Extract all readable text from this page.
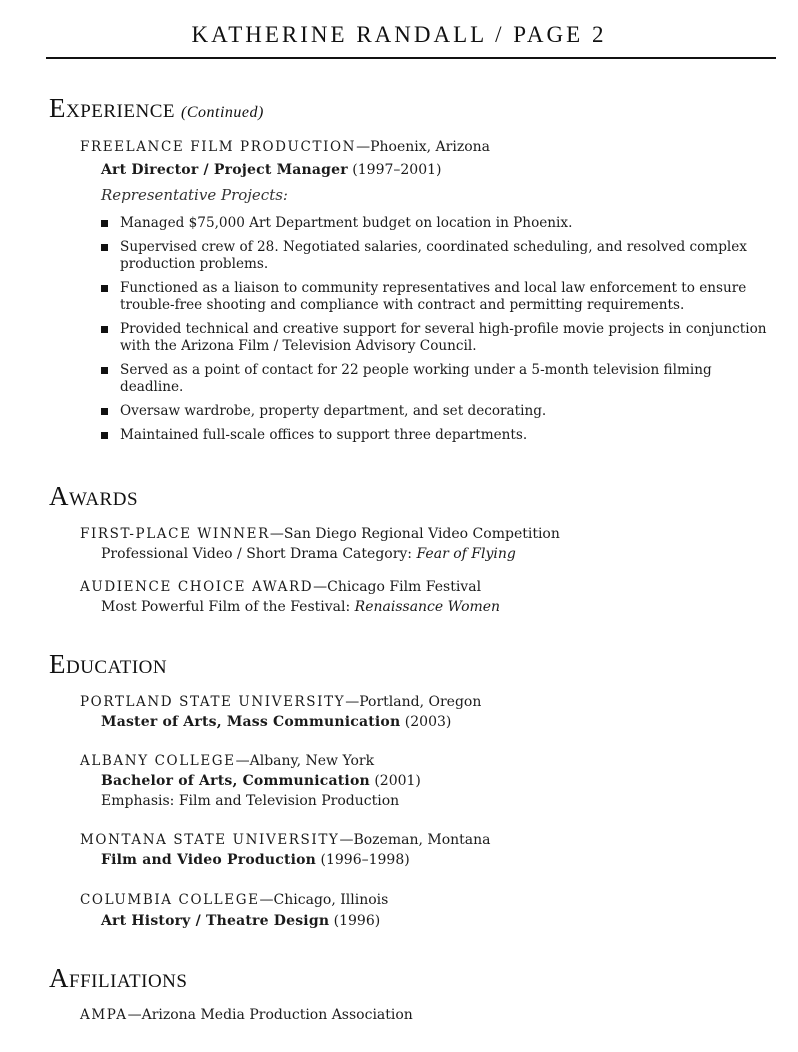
KATHERINE RANDALL / PAGE 2
Experience (Continued)
FREELANCE FILM PRODUCTION—Phoenix, Arizona
Art Director / Project Manager (1997–2001)
Representative Projects:
Managed $75,000 Art Department budget on location in Phoenix.
Supervised crew of 28. Negotiated salaries, coordinated scheduling, and resolved complex production problems.
Functioned as a liaison to community representatives and local law enforcement to ensure trouble-free shooting and compliance with contract and permitting requirements.
Provided technical and creative support for several high-profile movie projects in conjunction with the Arizona Film / Television Advisory Council.
Served as a point of contact for 22 people working under a 5-month television filming deadline.
Oversaw wardrobe, property department, and set decorating.
Maintained full-scale offices to support three departments.
Awards
FIRST-PLACE WINNER—San Diego Regional Video Competition
Professional Video / Short Drama Category: Fear of Flying
AUDIENCE CHOICE AWARD—Chicago Film Festival
Most Powerful Film of the Festival: Renaissance Women
Education
PORTLAND STATE UNIVERSITY—Portland, Oregon
Master of Arts, Mass Communication (2003)
ALBANY COLLEGE—Albany, New York
Bachelor of Arts, Communication (2001)
Emphasis: Film and Television Production
MONTANA STATE UNIVERSITY—Bozeman, Montana
Film and Video Production (1996–1998)
COLUMBIA COLLEGE—Chicago, Illinois
Art History / Theatre Design (1996)
Affiliations
AMPA—Arizona Media Production Association
